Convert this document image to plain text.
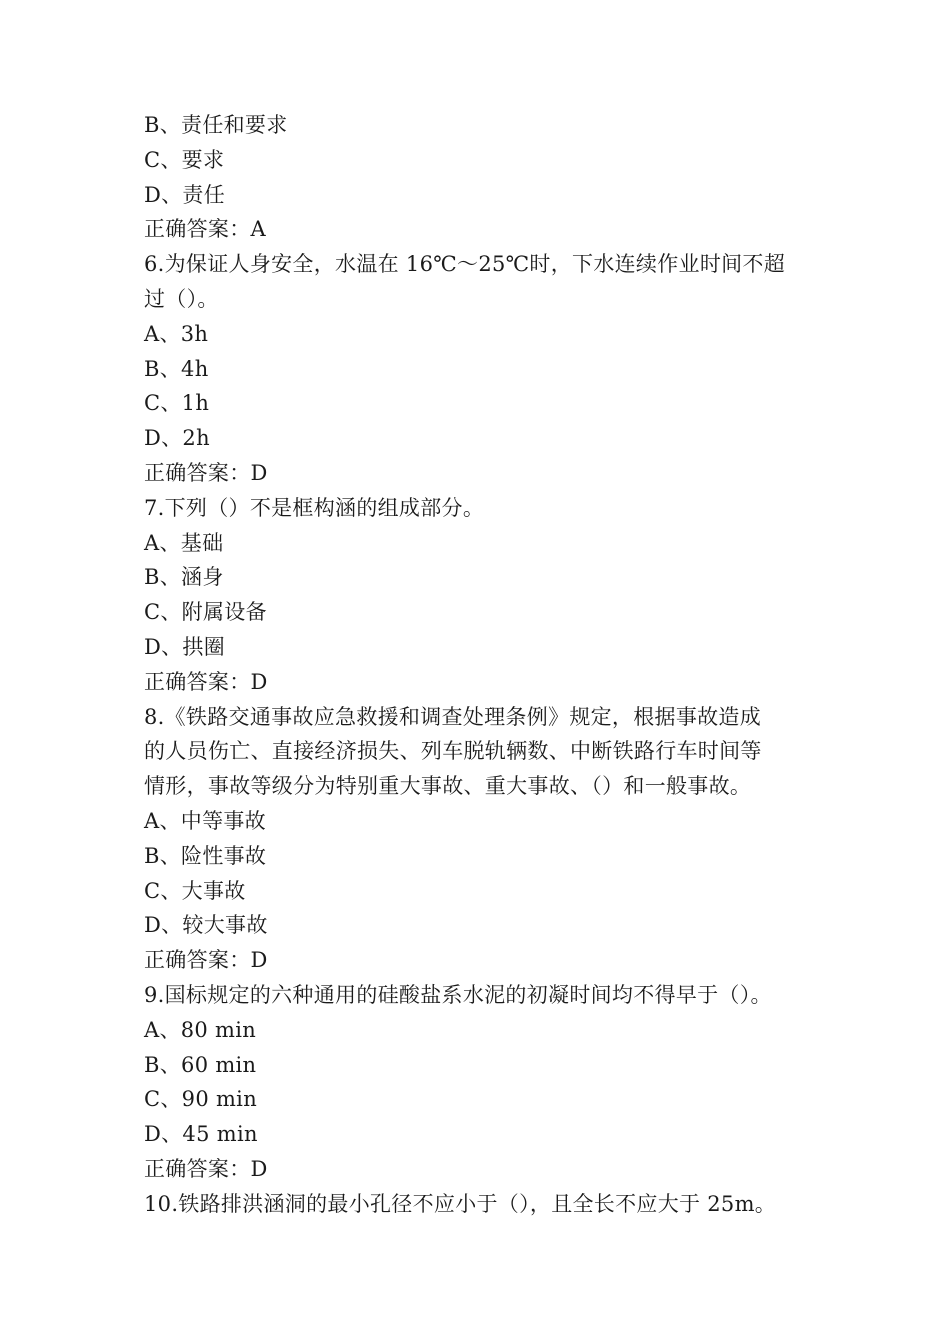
B、责任和要求
C、要求
D、责任
正确答案：A
6.为保证人身安全，水温在 16℃～25℃时，下水连续作业时间不超
过（）。
A、3h
B、4h
C、1h
D、2h
正确答案：D
7.下列（）不是框构涵的组成部分。
A、基础
B、涵身
C、附属设备
D、拱圈
正确答案：D
8.《铁路交通事故应急救援和调查处理条例》规定，根据事故造成
的人员伤亡、直接经济损失、列车脱轨辆数、中断铁路行车时间等
情形，事故等级分为特别重大事故、重大事故、（）和一般事故。
A、中等事故
B、险性事故
C、大事故
D、较大事故
正确答案：D
9.国标规定的六种通用的硅酸盐系水泥的初凝时间均不得早于（）。
A、80 min
B、60 min
C、90 min
D、45 min
正确答案：D
10.铁路排洪涵洞的最小孔径不应小于（），且全长不应大于 25m。
